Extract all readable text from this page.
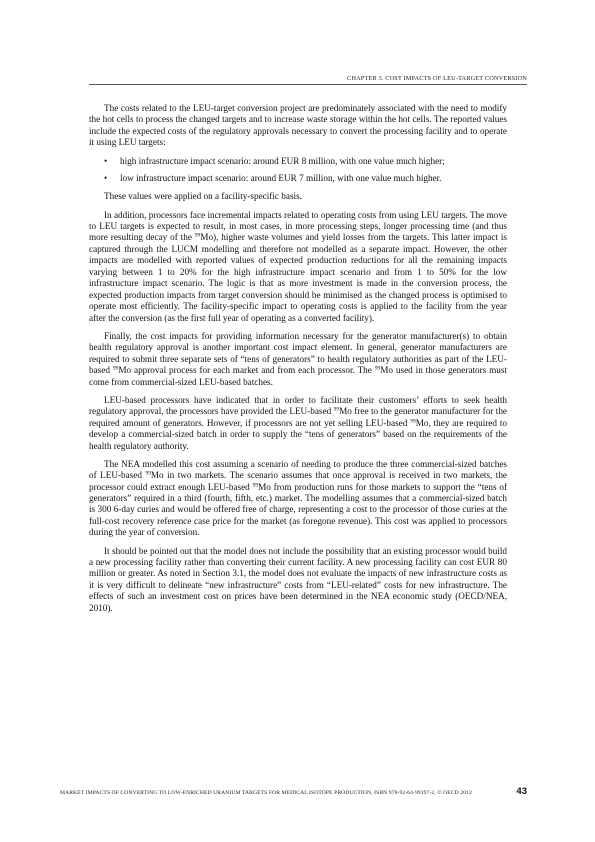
CHAPTER 3. COST IMPACTS OF LEU-TARGET CONVERSION

The costs related to the LEU-target conversion project are predominately associated with the need to modify the hot cells to process the changed targets and to increase waste storage within the hot cells. The reported values include the expected costs of the regulatory approvals necessary to convert the processing facility and to operate it using LEU targets:

• high infrastructure impact scenario: around EUR 8 million, with one value much higher;
• low infrastructure impact scenario: around EUR 7 million, with one value much higher.

These values were applied on a facility-specific basis.

In addition, processors face incremental impacts related to operating costs from using LEU targets. The move to LEU targets is expected to result, in most cases, in more processing steps, longer processing time (and thus more resulting decay of the $^{99}$Mo), higher waste volumes and yield losses from the targets. This latter impact is captured through the LUCM modelling and therefore not modelled as a separate impact. However, the other impacts are modelled with reported values of expected production reductions for all the remaining impacts varying between 1 to 20% for the high infrastructure impact scenario and from 1 to 50% for the low infrastructure impact scenario. The logic is that as more investment is made in the conversion process, the expected production impacts from target conversion should be minimised as the changed process is optimised to operate most efficiently. The facility-specific impact to operating costs is applied to the facility from the year after the conversion (as the first full year of operating as a converted facility).

Finally, the cost impacts for providing information necessary for the generator manufacturer(s) to obtain health regulatory approval is another important cost impact element. In general, generator manufacturers are required to submit three separate sets of “tens of generators” to health regulatory authorities as part of the LEU-based $^{99}$Mo approval process for each market and from each processor. The $^{99}$Mo used in those generators must come from commercial-sized LEU-based batches.

LEU-based processors have indicated that in order to facilitate their customers’ efforts to seek health regulatory approval, the processors have provided the LEU-based $^{99}$Mo free to the generator manufacturer for the required amount of generators. However, if processors are not yet selling LEU-based $^{99}$Mo, they are required to develop a commercial-sized batch in order to supply the “tens of generators” based on the requirements of the health regulatory authority.

The NEA modelled this cost assuming a scenario of needing to produce the three commercial-sized batches of LEU-based $^{99}$Mo in two markets. The scenario assumes that once approval is received in two markets, the processor could extract enough LEU-based $^{99}$Mo from production runs for those markets to support the “tens of generators” required in a third (fourth, fifth, etc.) market. The modelling assumes that a commercial-sized batch is 300 6-day curies and would be offered free of charge, representing a cost to the processor of those curies at the full-cost recovery reference case price for the market (as foregone revenue). This cost was applied to processors during the year of conversion.

It should be pointed out that the model does not include the possibility that an existing processor would build a new processing facility rather than converting their current facility. A new processing facility can cost EUR 80 million or greater. As noted in Section 3.1, the model does not evaluate the impacts of new infrastructure costs as it is very difficult to delineate “new infrastructure” costs from “LEU-related” costs for new infrastructure. The effects of such an investment cost on prices have been determined in the NEA economic study (OECD/NEA, 2010).

MARKET IMPACTS OF CONVERTING TO LOW-ENRICHED URANIUM TARGETS FOR MEDICAL ISOTOPE PRODUCTION, ISBN 978-92-64-99197-2, © OECD 2012	43
